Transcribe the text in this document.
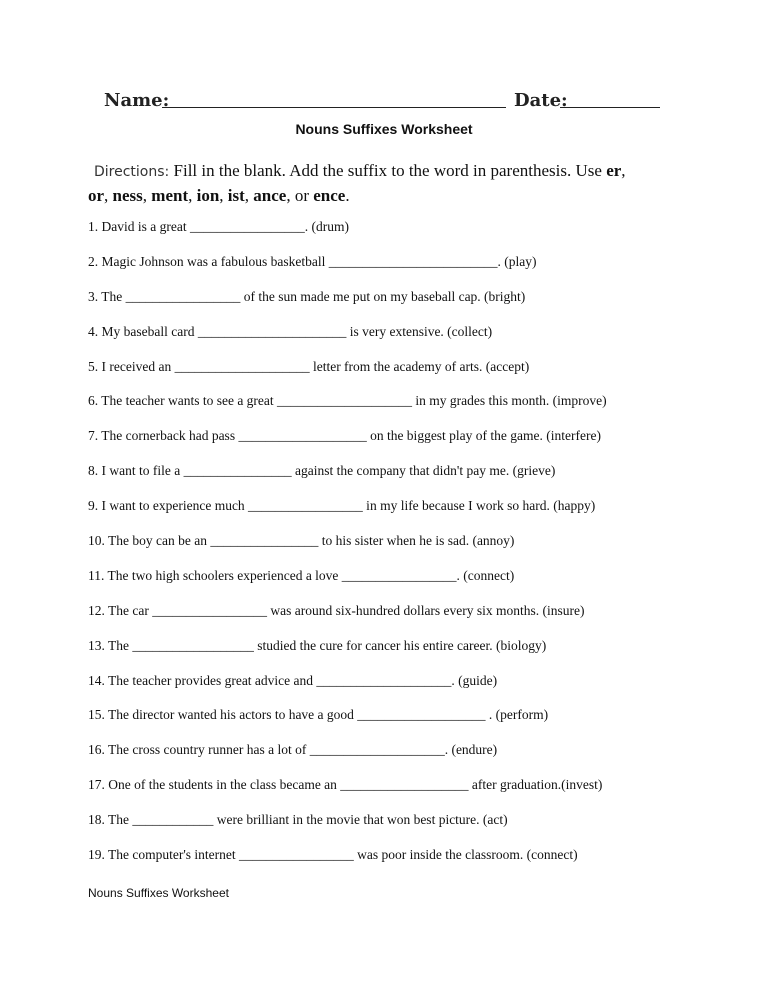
Name:	Date:
Nouns Suffixes Worksheet
Directions: Fill in the blank. Add the suffix to the word in parenthesis. Use er,
or, ness, ment, ion, ist, ance, or ence.
1. David is a great _________________. (drum)
2. Magic Johnson was a fabulous basketball _________________________. (play)
3. The _________________ of the sun made me put on my baseball cap. (bright)
4. My baseball card ______________________ is very extensive. (collect)
5. I received an ____________________ letter from the academy of arts. (accept)
6. The teacher wants to see a great ____________________ in my grades this month. (improve)
7. The cornerback had pass ___________________ on the biggest play of the game. (interfere)
8. I want to file a ________________ against the company that didn't pay me. (grieve)
9. I want to experience much _________________ in my life because I work so hard. (happy)
10. The boy can be an ________________ to his sister when he is sad. (annoy)
11. The two high schoolers experienced a love _________________. (connect)
12. The car _________________ was around six-hundred dollars every six months. (insure)
13. The __________________ studied the cure for cancer his entire career. (biology)
14. The teacher provides great advice and ____________________. (guide)
15. The director wanted his actors to have a good ___________________ . (perform)
16. The cross country runner has a lot of ____________________. (endure)
17. One of the students in the class became an ___________________ after graduation.(invest)
18. The ____________ were brilliant in the movie that won best picture. (act)
19. The computer's internet _________________ was poor inside the classroom. (connect)
Nouns Suffixes Worksheet
